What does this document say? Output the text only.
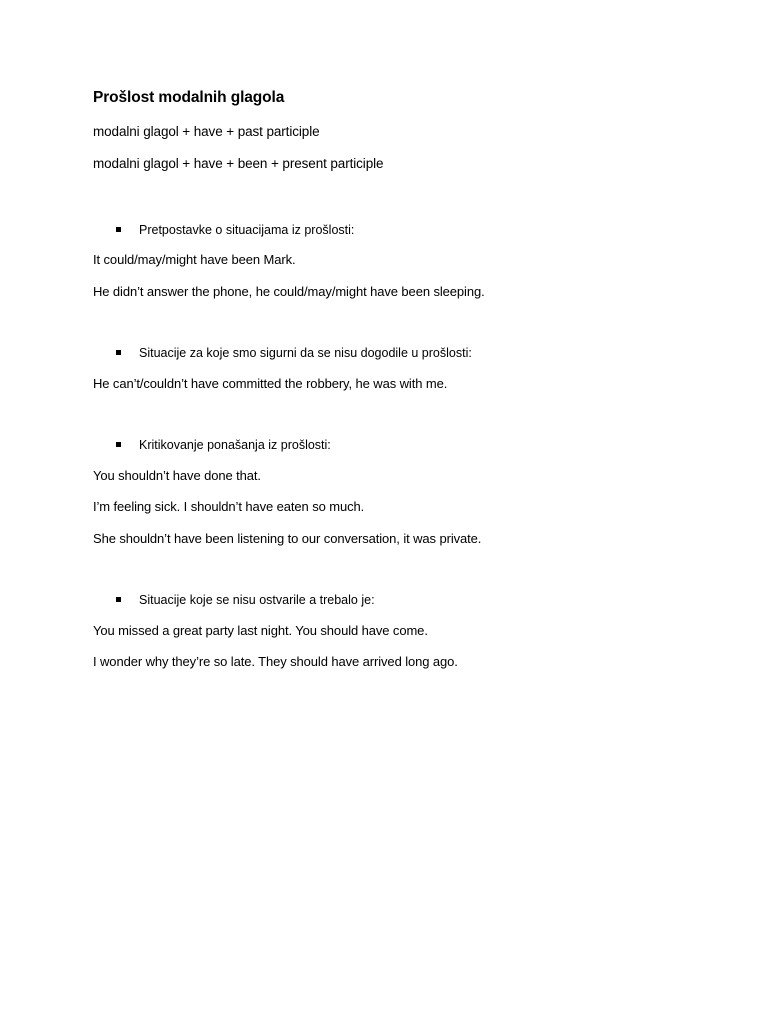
Prošlost modalnih glagola
modalni glagol + have + past participle
modalni glagol + have + been + present participle
Pretpostavke o situacijama iz prošlosti:
It could/may/might have been Mark.
He didn’t answer the phone, he could/may/might have been sleeping.
Situacije za koje smo sigurni da se nisu dogodile u prošlosti:
He can’t/couldn’t have committed the robbery, he was with me.
Kritikovanje ponašanja iz prošlosti:
You shouldn’t have done that.
I’m feeling sick. I shouldn’t have eaten so much.
She shouldn’t have been listening to our conversation, it was private.
Situacije koje se nisu ostvarile a trebalo je:
You missed a great party last night. You should have come.
I wonder why they’re so late. They should have arrived long ago.
